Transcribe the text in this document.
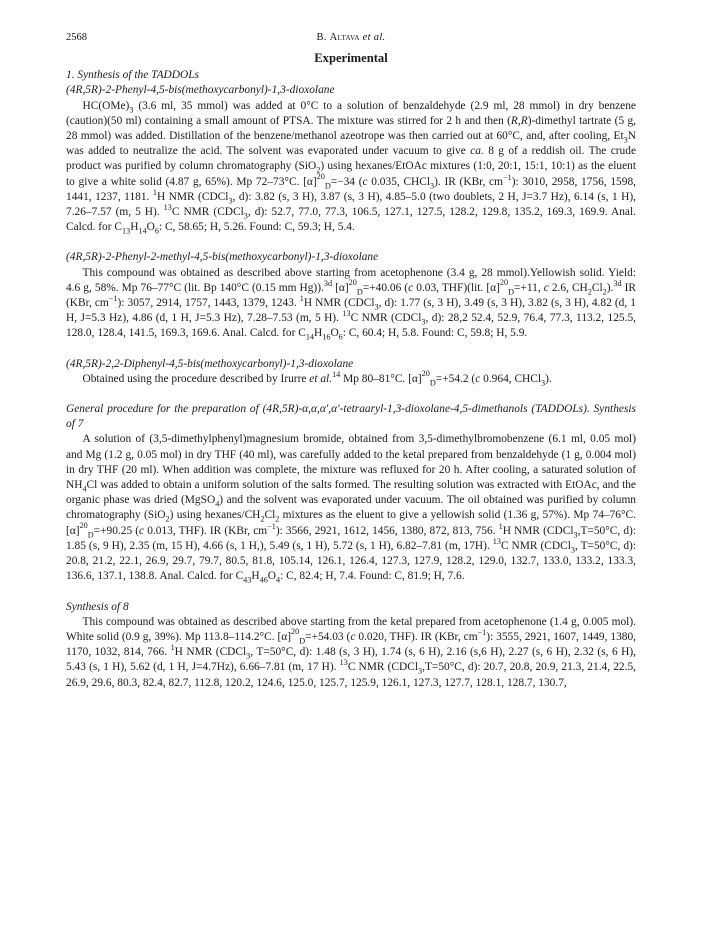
2568	B. Altava et al.
Experimental

1. Synthesis of the TADDOLs

(4R,5R)-2-Phenyl-4,5-bis(methoxycarbonyl)-1,3-dioxolane

$HC(OMe)_3$ (3.6 ml, 35 mmol) was added at 0°C to a solution of benzaldehyde (2.9 ml, 28 mmol) in dry benzene (caution)(50 ml) containing a small amount of PTSA. The mixture was stirred for 2 h and then (R,R)-dimethyl tartrate (5 g, 28 mmol) was added. Distillation of the benzene/methanol azeotrope was then carried out at 60°C, and, after cooling, $Et_3N$ was added to neutralize the acid. The solvent was evaporated under vacuum to give ca. 8 g of a reddish oil. The crude product was purified by column chromatography (SiO$_2$) using hexanes/EtOAc mixtures (1:0, 20:1, 15:1, 10:1) as the eluent to give a white solid (4.87 g, 65%). Mp 72–73°C. $[\alpha]^{20}_D=-34$ (c 0.035, CHCl$_3$). IR (KBr, $cm^{-1}$): 3010, 2958, 1756, 1598, 1441, 1237, 1181. $^1$H NMR (CDCl$_3$, d): 3.82 (s, 3 H), 3.87 (s, 3 H), 4.85–5.0 (two doublets, 2 H, J=3.7 Hz), 6.14 (s, 1 H), 7.26–7.57 (m, 5 H). $^{13}$C NMR (CDCl$_3$, d): 52.7, 77.0, 77.3, 106.5, 127.1, 127.5, 128.2, 129.8, 135.2, 169.3, 169.9. Anal. Calcd. for $C_{13}H_{14}O_6$: C, 58.65; H, 5.26. Found: C, 59.3; H, 5.4.

(4R,5R)-2-Phenyl-2-methyl-4,5-bis(methoxycarbonyl)-1,3-dioxolane

This compound was obtained as described above starting from acetophenone (3.4 g, 28 mmol).Yellowish solid. Yield: 4.6 g, 58%. Mp 76–77°C (lit. Bp 140°C (0.15 mm Hg)).$^{3d}$ $[\alpha]^{20}_D=+40.06$ (c 0.03, THF)(lit. $[\alpha]^{20}_D=+11$, c 2.6, $CH_2Cl_2).^{3d}$ IR (KBr, $cm^{-1}$): 3057, 2914, 1757, 1443, 1379, 1243. $^1$H NMR (CDCl$_3$, d): 1.77 (s, 3 H), 3.49 (s, 3 H), 3.82 (s, 3 H), 4.82 (d, 1 H, J=5.3 Hz), 4.86 (d, 1 H, J=5.3 Hz), 7.28–7.53 (m, 5 H). $^{13}$C NMR (CDCl$_3$, d): 28,2 52.4, 52.9, 76.4, 77.3, 113.2, 125.5, 128.0, 128.4, 141.5, 169.3, 169.6. Anal. Calcd. for $C_{14}H_{16}O_6$: C, 60.4; H, 5.8. Found: C, 59.8; H, 5.9.

(4R,5R)-2,2-Diphenyl-4,5-bis(methoxycarbonyl)-1,3-dioxolane

Obtained using the procedure described by Irurre et al.$^{14}$ Mp 80–81°C. $[\alpha]^{20}_D=+54.2$ (c 0.964, CHCl$_3$).

General procedure for the preparation of (4R,5R)-α,α,α′,α′-tetraaryl-1,3-dioxolane-4,5-dimethanols (TADDOLs). Synthesis of 7

A solution of (3,5-dimethylphenyl)magnesium bromide, obtained from 3,5-dimethylbromobenzene (6.1 ml, 0.05 mol) and Mg (1.2 g, 0.05 mol) in dry THF (40 ml), was carefully added to the ketal prepared from benzaldehyde (1 g, 0.004 mol) in dry THF (20 ml). When addition was complete, the mixture was refluxed for 20 h. After cooling, a saturated solution of $NH_4Cl$ was added to obtain a uniform solution of the salts formed. The resulting solution was extracted with EtOAc, and the organic phase was dried (MgSO$_4$) and the solvent was evaporated under vacuum. The oil obtained was purified by column chromatography (SiO$_2$) using hexanes/$CH_2Cl_2$ mixtures as the eluent to give a yellowish solid (1.36 g, 57%). Mp 74–76°C. $[\alpha]^{20}_D=+90.25$ (c 0.013, THF). IR (KBr, $cm^{-1}$): 3566, 2921, 1612, 1456, 1380, 872, 813, 756. $^1$H NMR (CDCl$_3$,T=50°C, d): 1.85 (s, 9 H), 2.35 (m, 15 H), 4.66 (s, 1 H,), 5.49 (s, 1 H), 5.72 (s, 1 H), 6.82–7.81 (m, 17H). $^{13}$C NMR (CDCl$_3$, T=50°C, d): 20.8, 21.2, 22.1, 26.9, 29.7, 79.7, 80.5, 81.8, 105.14, 126.1, 126.4, 127.3, 127.9, 128.2, 129.0, 132.7, 133.0, 133.2, 133.3, 136.6, 137.1, 138.8. Anal. Calcd. for $C_{43}H_{46}O_4$: C, 82.4; H, 7.4. Found: C, 81.9; H, 7.6.

Synthesis of 8

This compound was obtained as described above starting from the ketal prepared from acetophenone (1.4 g, 0.005 mol). White solid (0.9 g, 39%). Mp 113.8–114.2°C. $[\alpha]^{20}_D=+54.03$ (c 0.020, THF). IR (KBr, $cm^{-1}$): 3555, 2921, 1607, 1449, 1380, 1170, 1032, 814, 766. $^1$H NMR (CDCl$_3$, T=50°C, d): 1.48 (s, 3 H), 1.74 (s, 6 H), 2.16 (s,6 H), 2.27 (s, 6 H), 2.32 (s, 6 H), 5.43 (s, 1 H), 5.62 (d, 1 H, J=4.7Hz), 6.66–7.81 (m, 17 H). $^{13}$C NMR (CDCl$_3$,T=50°C, d): 20.7, 20.8, 20.9, 21.3, 21.4, 22.5, 26.9, 29.6, 80.3, 82.4, 82.7, 112.8, 120.2, 124.6, 125.0, 125.7, 125.9, 126.1, 127.3, 127.7, 128.1, 128.7, 130.7,
